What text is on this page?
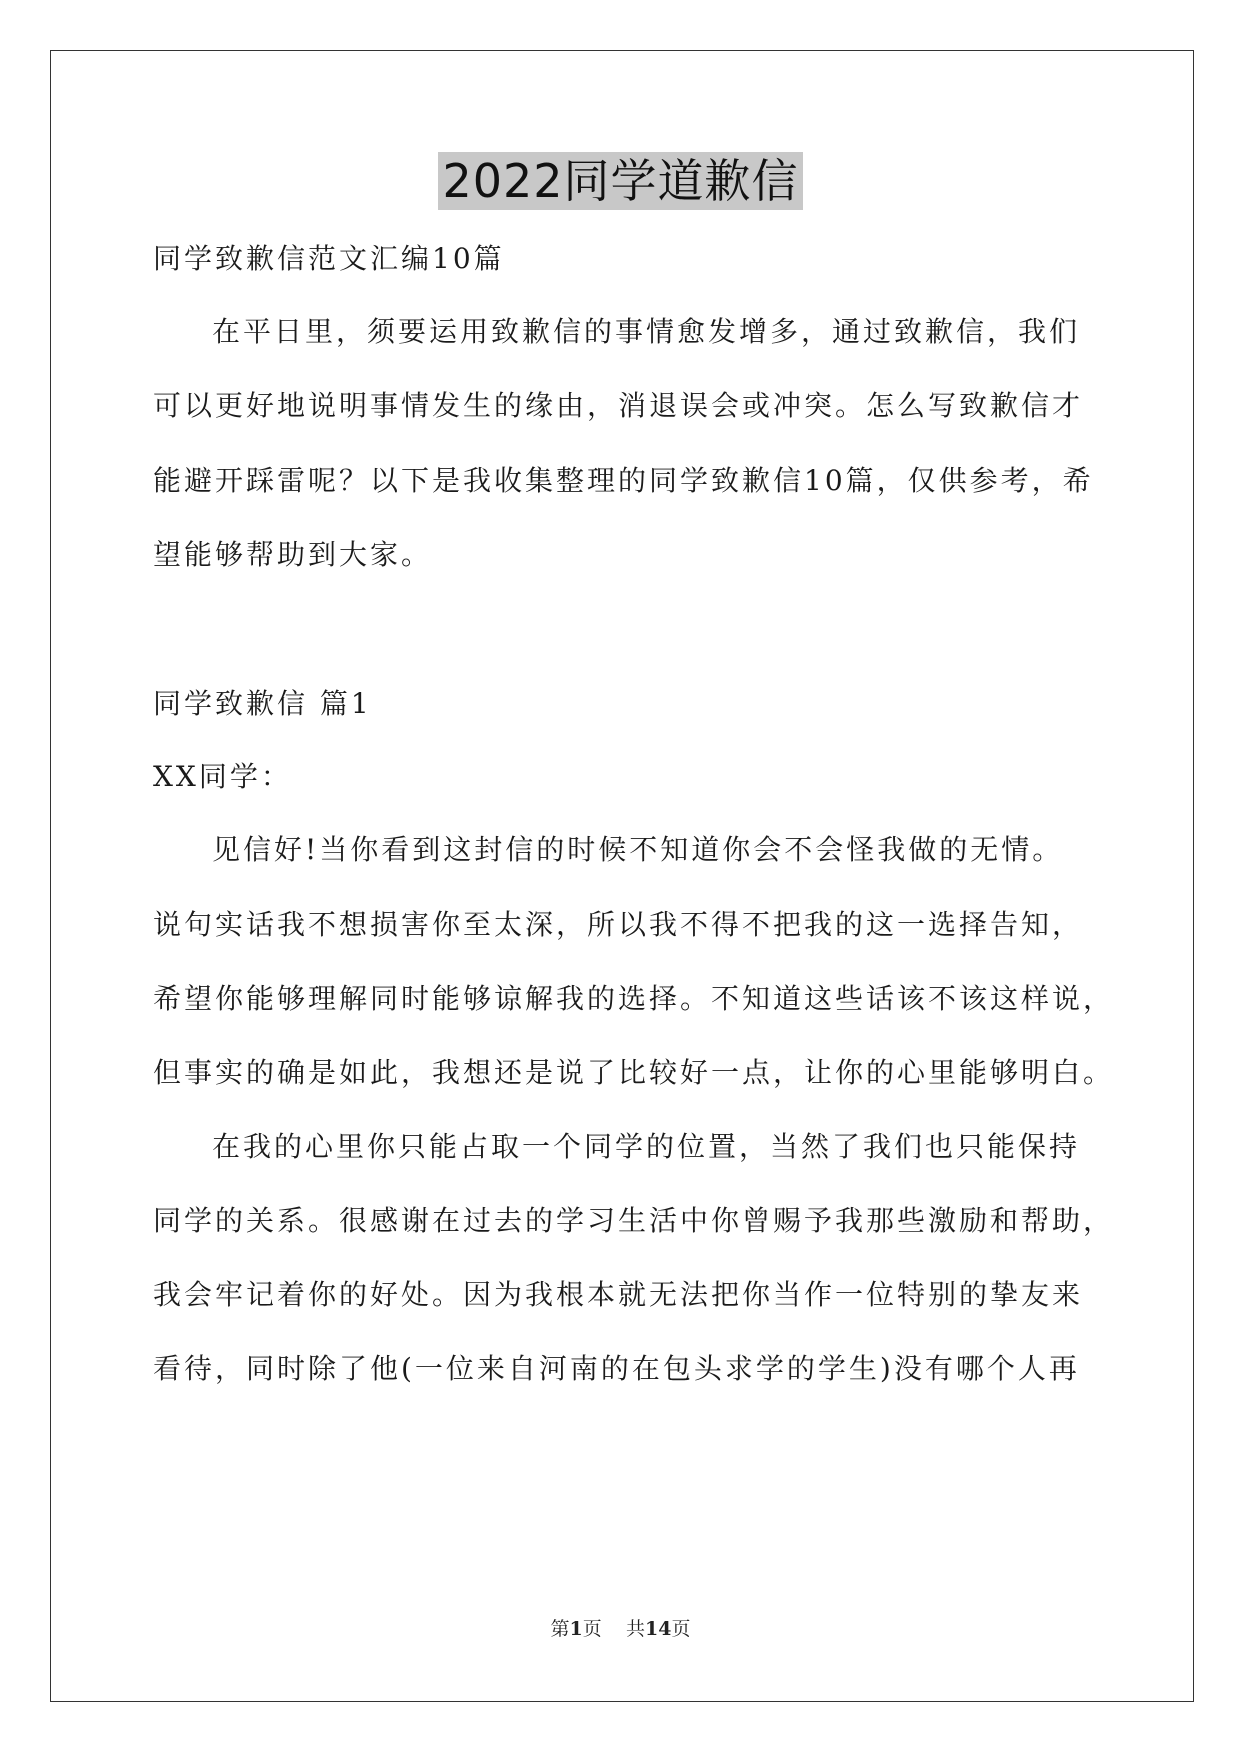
2022同学道歉信

同学致歉信范文汇编10篇

在平日里，须要运用致歉信的事情愈发增多，通过致歉信，我们

可以更好地说明事情发生的缘由，消退误会或冲突。怎么写致歉信才

能避开踩雷呢？以下是我收集整理的同学致歉信10篇，仅供参考，希

望能够帮助到大家。

同学致歉信 篇1

XX同学：

见信好!当你看到这封信的时候不知道你会不会怪我做的无情。

说句实话我不想损害你至太深，所以我不得不把我的这一选择告知，

希望你能够理解同时能够谅解我的选择。不知道这些话该不该这样说，

但事实的确是如此，我想还是说了比较好一点，让你的心里能够明白。

在我的心里你只能占取一个同学的位置，当然了我们也只能保持

同学的关系。很感谢在过去的学习生活中你曾赐予我那些激励和帮助，

我会牢记着你的好处。因为我根本就无法把你当作一位特别的挚友来

看待，同时除了他(一位来自河南的在包头求学的学生)没有哪个人再

第1页 共14页
